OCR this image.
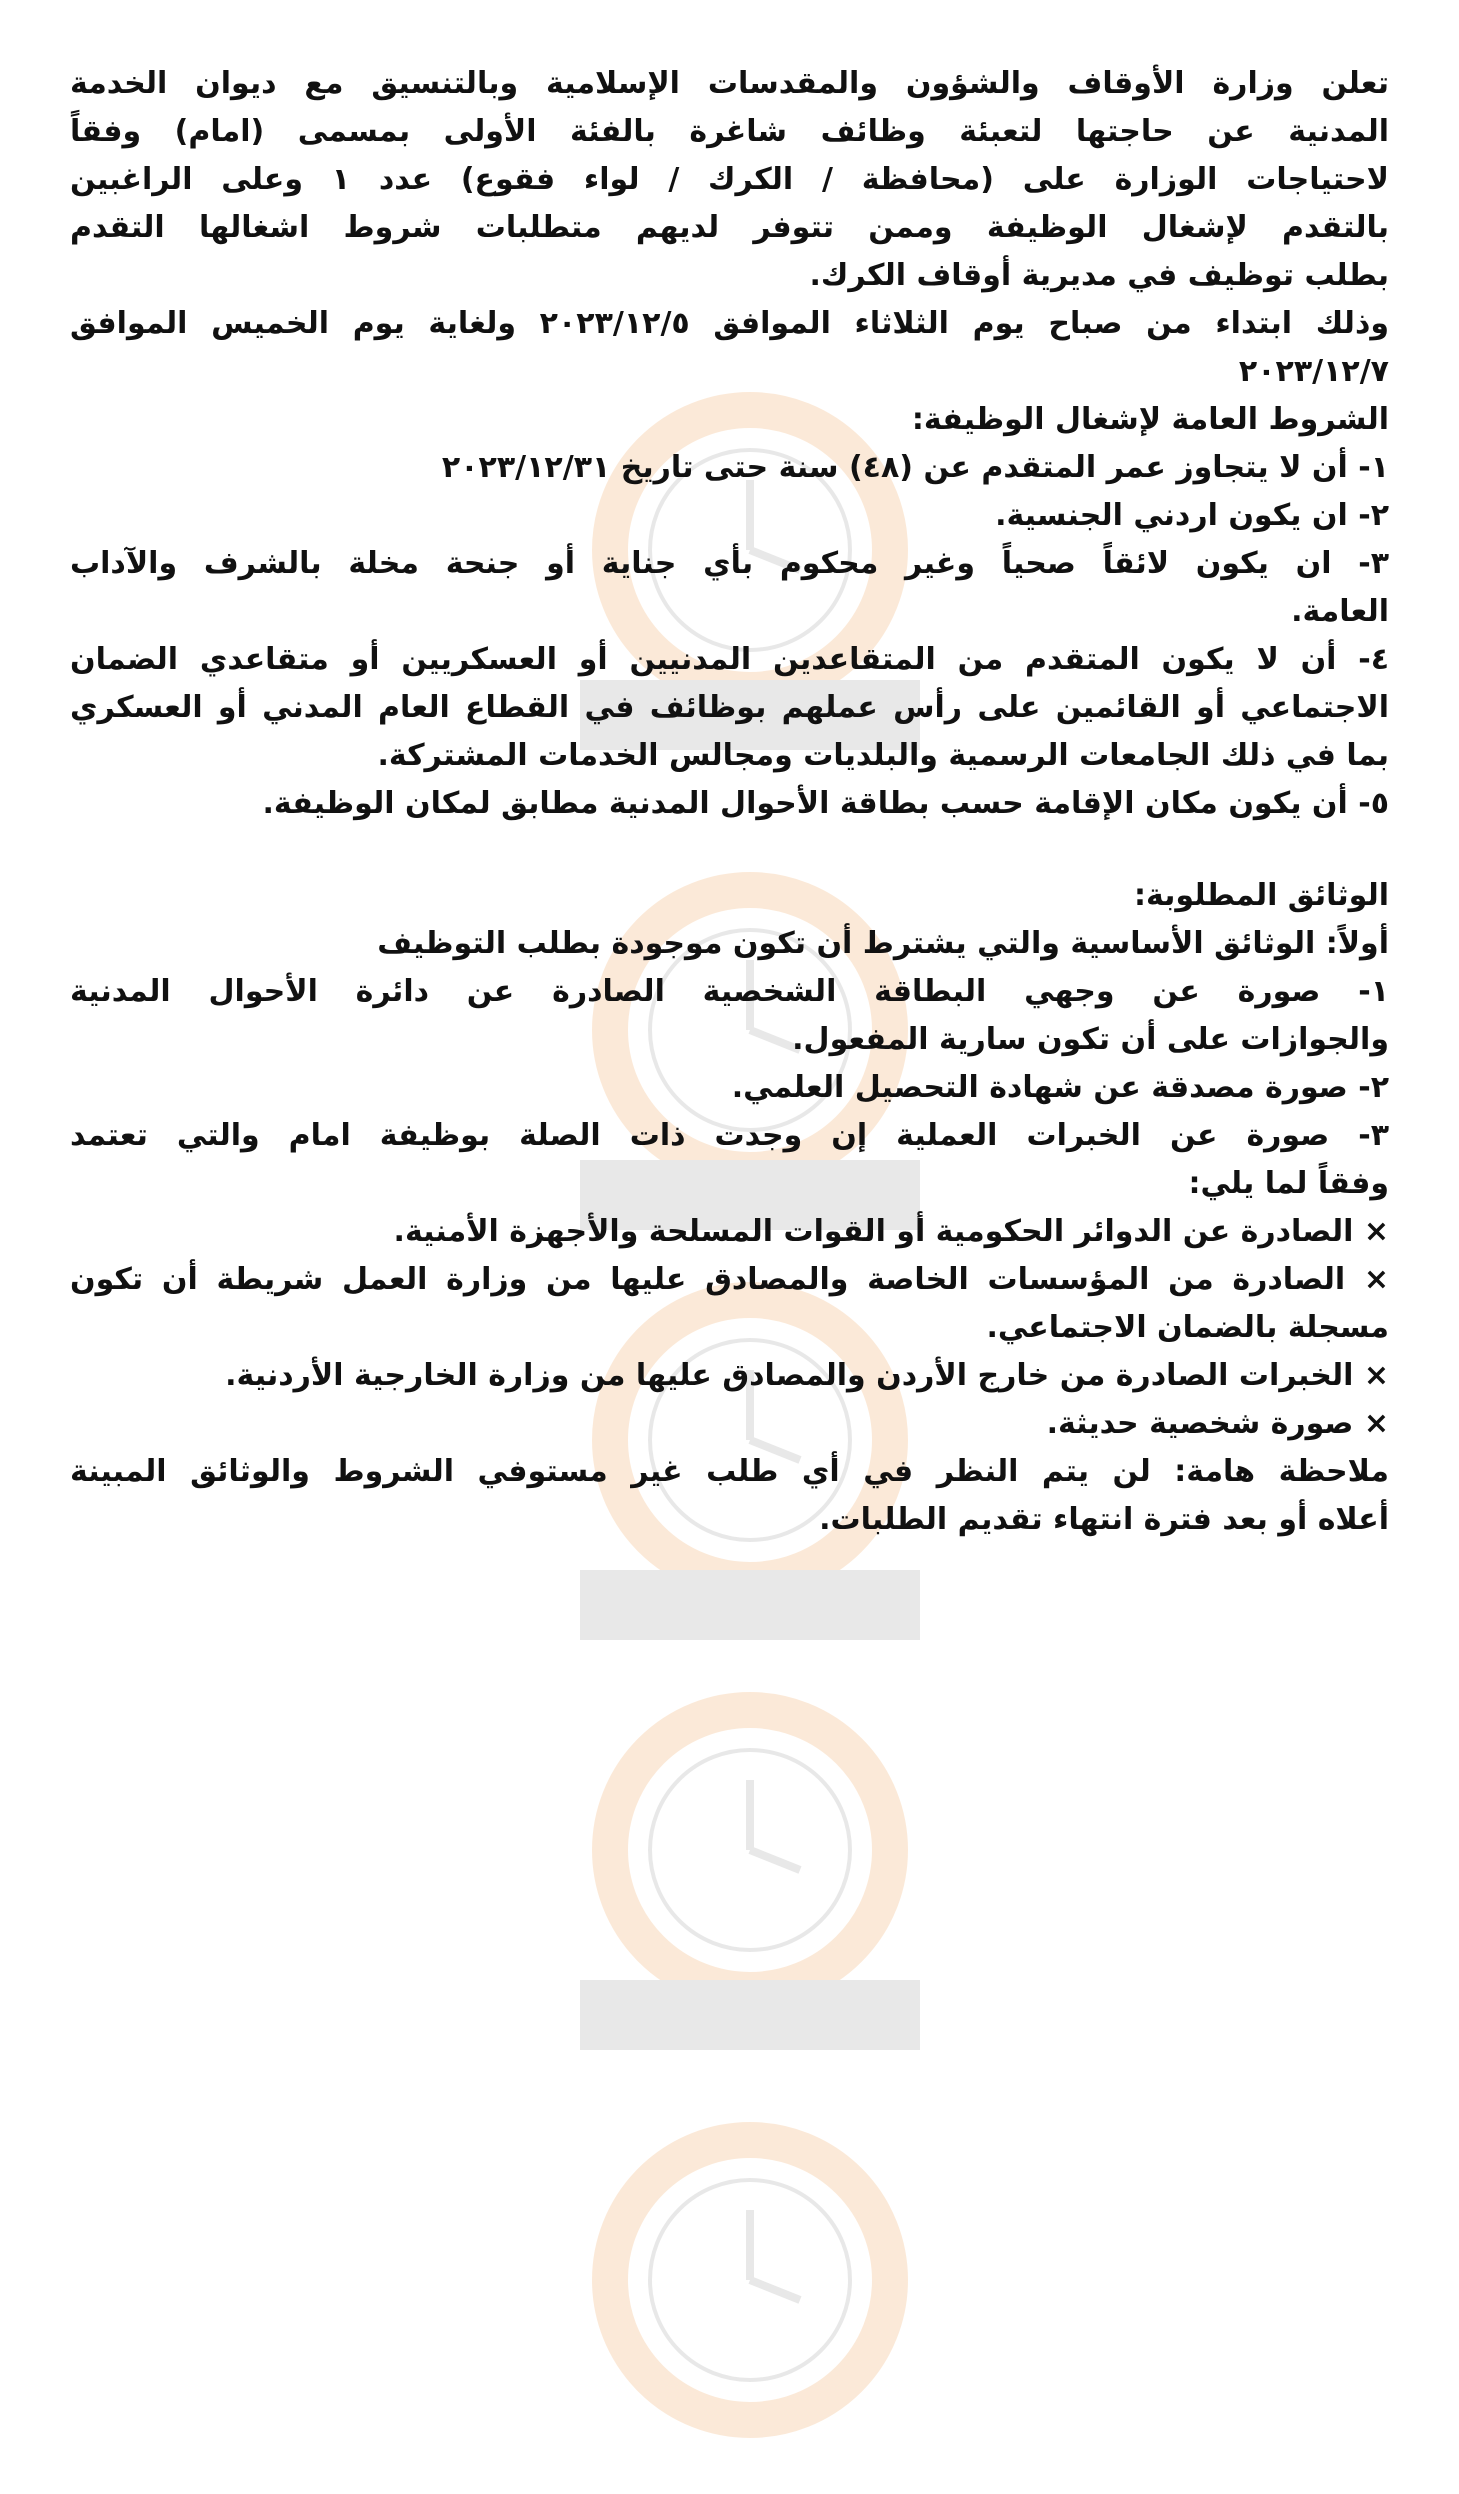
تعلن وزارة الأوقاف والشؤون والمقدسات الإسلامية وبالتنسيق مع ديوان الخدمة

المدنية عن حاجتها لتعبئة وظائف شاغرة بالفئة الأولى بمسمى (امام) وفقاً

لاحتياجات الوزارة على (محافظة / الكرك / لواء فقوع) عدد ١ وعلى الراغبين

بالتقدم لإشغال الوظيفة وممن تتوفر لديهم متطلبات شروط اشغالها التقدم

بطلب توظيف في مديرية أوقاف الكرك.

وذلك ابتداء من صباح يوم الثلاثاء الموافق ٢٠٢٣/١٢/٥ ولغاية يوم الخميس الموافق

٢٠٢٣/١٢/٧

الشروط العامة لإشغال الوظيفة:

١- أن لا يتجاوز عمر المتقدم عن (٤٨) سنة حتى تاريخ ٢٠٢٣/١٢/٣١

٢- ان يكون اردني الجنسية.

٣- ان يكون لائقاً صحياً وغير محكوم بأي جناية أو جنحة مخلة بالشرف والآداب

العامة.

٤- أن لا يكون المتقدم من المتقاعدين المدنيين أو العسكريين أو متقاعدي الضمان

الاجتماعي أو القائمين على رأس عملهم بوظائف في القطاع العام المدني أو العسكري

بما في ذلك الجامعات الرسمية والبلديات ومجالس الخدمات المشتركة.

٥- أن يكون مكان الإقامة حسب بطاقة الأحوال المدنية مطابق لمكان الوظيفة.

الوثائق المطلوبة:

أولاً: الوثائق الأساسية والتي يشترط أن تكون موجودة بطلب التوظيف

١- صورة عن وجهي البطاقة الشخصية الصادرة عن دائرة الأحوال المدنية

والجوازات على أن تكون سارية المفعول.

٢- صورة مصدقة عن شهادة التحصيل العلمي.

٣- صورة عن الخبرات العملية إن وجدت ذات الصلة بوظيفة امام والتي تعتمد

وفقاً لما يلي:

× الصادرة عن الدوائر الحكومية أو القوات المسلحة والأجهزة الأمنية.

× الصادرة من المؤسسات الخاصة والمصادق عليها من وزارة العمل شريطة أن تكون

مسجلة بالضمان الاجتماعي.

× الخبرات الصادرة من خارج الأردن والمصادق عليها من وزارة الخارجية الأردنية.

× صورة شخصية حديثة.

ملاحظة هامة: لن يتم النظر في أي طلب غير مستوفي الشروط والوثائق المبينة

أعلاه أو بعد فترة انتهاء تقديم الطلبات.
